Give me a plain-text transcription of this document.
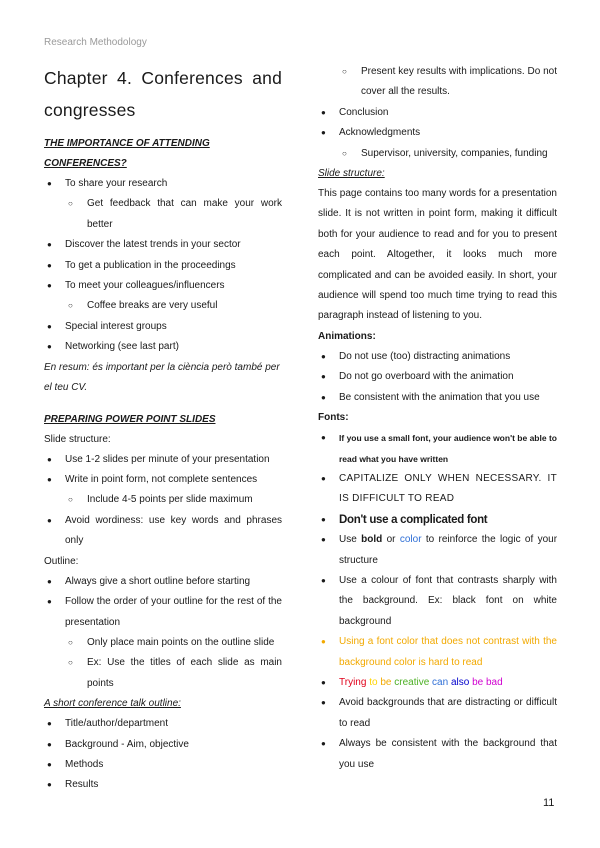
Research Methodology
Chapter 4. Conferences and congresses

THE IMPORTANCE OF ATTENDING CONFERENCES?

● To share your research
○ Get feedback that can make your work better
● Discover the latest trends in your sector
● To get a publication in the proceedings
● To meet your colleagues/influencers
○ Coffee breaks are very useful
● Special interest groups
● Networking (see last part)

En resum: és important per la ciència però també per el teu CV.

PREPARING POWER POINT SLIDES

Slide structure:

● Use 1-2 slides per minute of your presentation
● Write in point form, not complete sentences
○ Include 4-5 points per slide maximum
● Avoid wordiness: use key words and phrases only

Outline:

● Always give a short outline before starting
● Follow the order of your outline for the rest of the presentation
○ Only place main points on the outline slide
○ Ex: Use the titles of each slide as main points

A short conference talk outline:

● Title/author/department
● Background - Aim, objective
● Methods
● Results
○ Present key results with implications. Do not cover all the results.
● Conclusion
● Acknowledgments
○ Supervisor, university, companies, funding

Slide structure:

This page contains too many words for a presentation slide. It is not written in point form, making it difficult both for your audience to read and for you to present each point. Altogether, it looks much more complicated and can be avoided easily. In short, your audience will spend too much time trying to read this paragraph instead of listening to you.

Animations:

● Do not use (too) distracting animations
● Do not go overboard with the animation
● Be consistent with the animation that you use

Fonts:

● If you use a small font, your audience won't be able to read what you have written
● CAPITALIZE ONLY WHEN NECESSARY. IT IS DIFFICULT TO READ
● Don't use a complicated font
● Use bold or color to reinforce the logic of your structure
● Use a colour of font that contrasts sharply with the background. Ex: black font on white background
● Using a font color that does not contrast with the background color is hard to read
● Trying to be creative can also be bad
● Avoid backgrounds that are distracting or difficult to read
● Always be consistent with the background that you use
11
